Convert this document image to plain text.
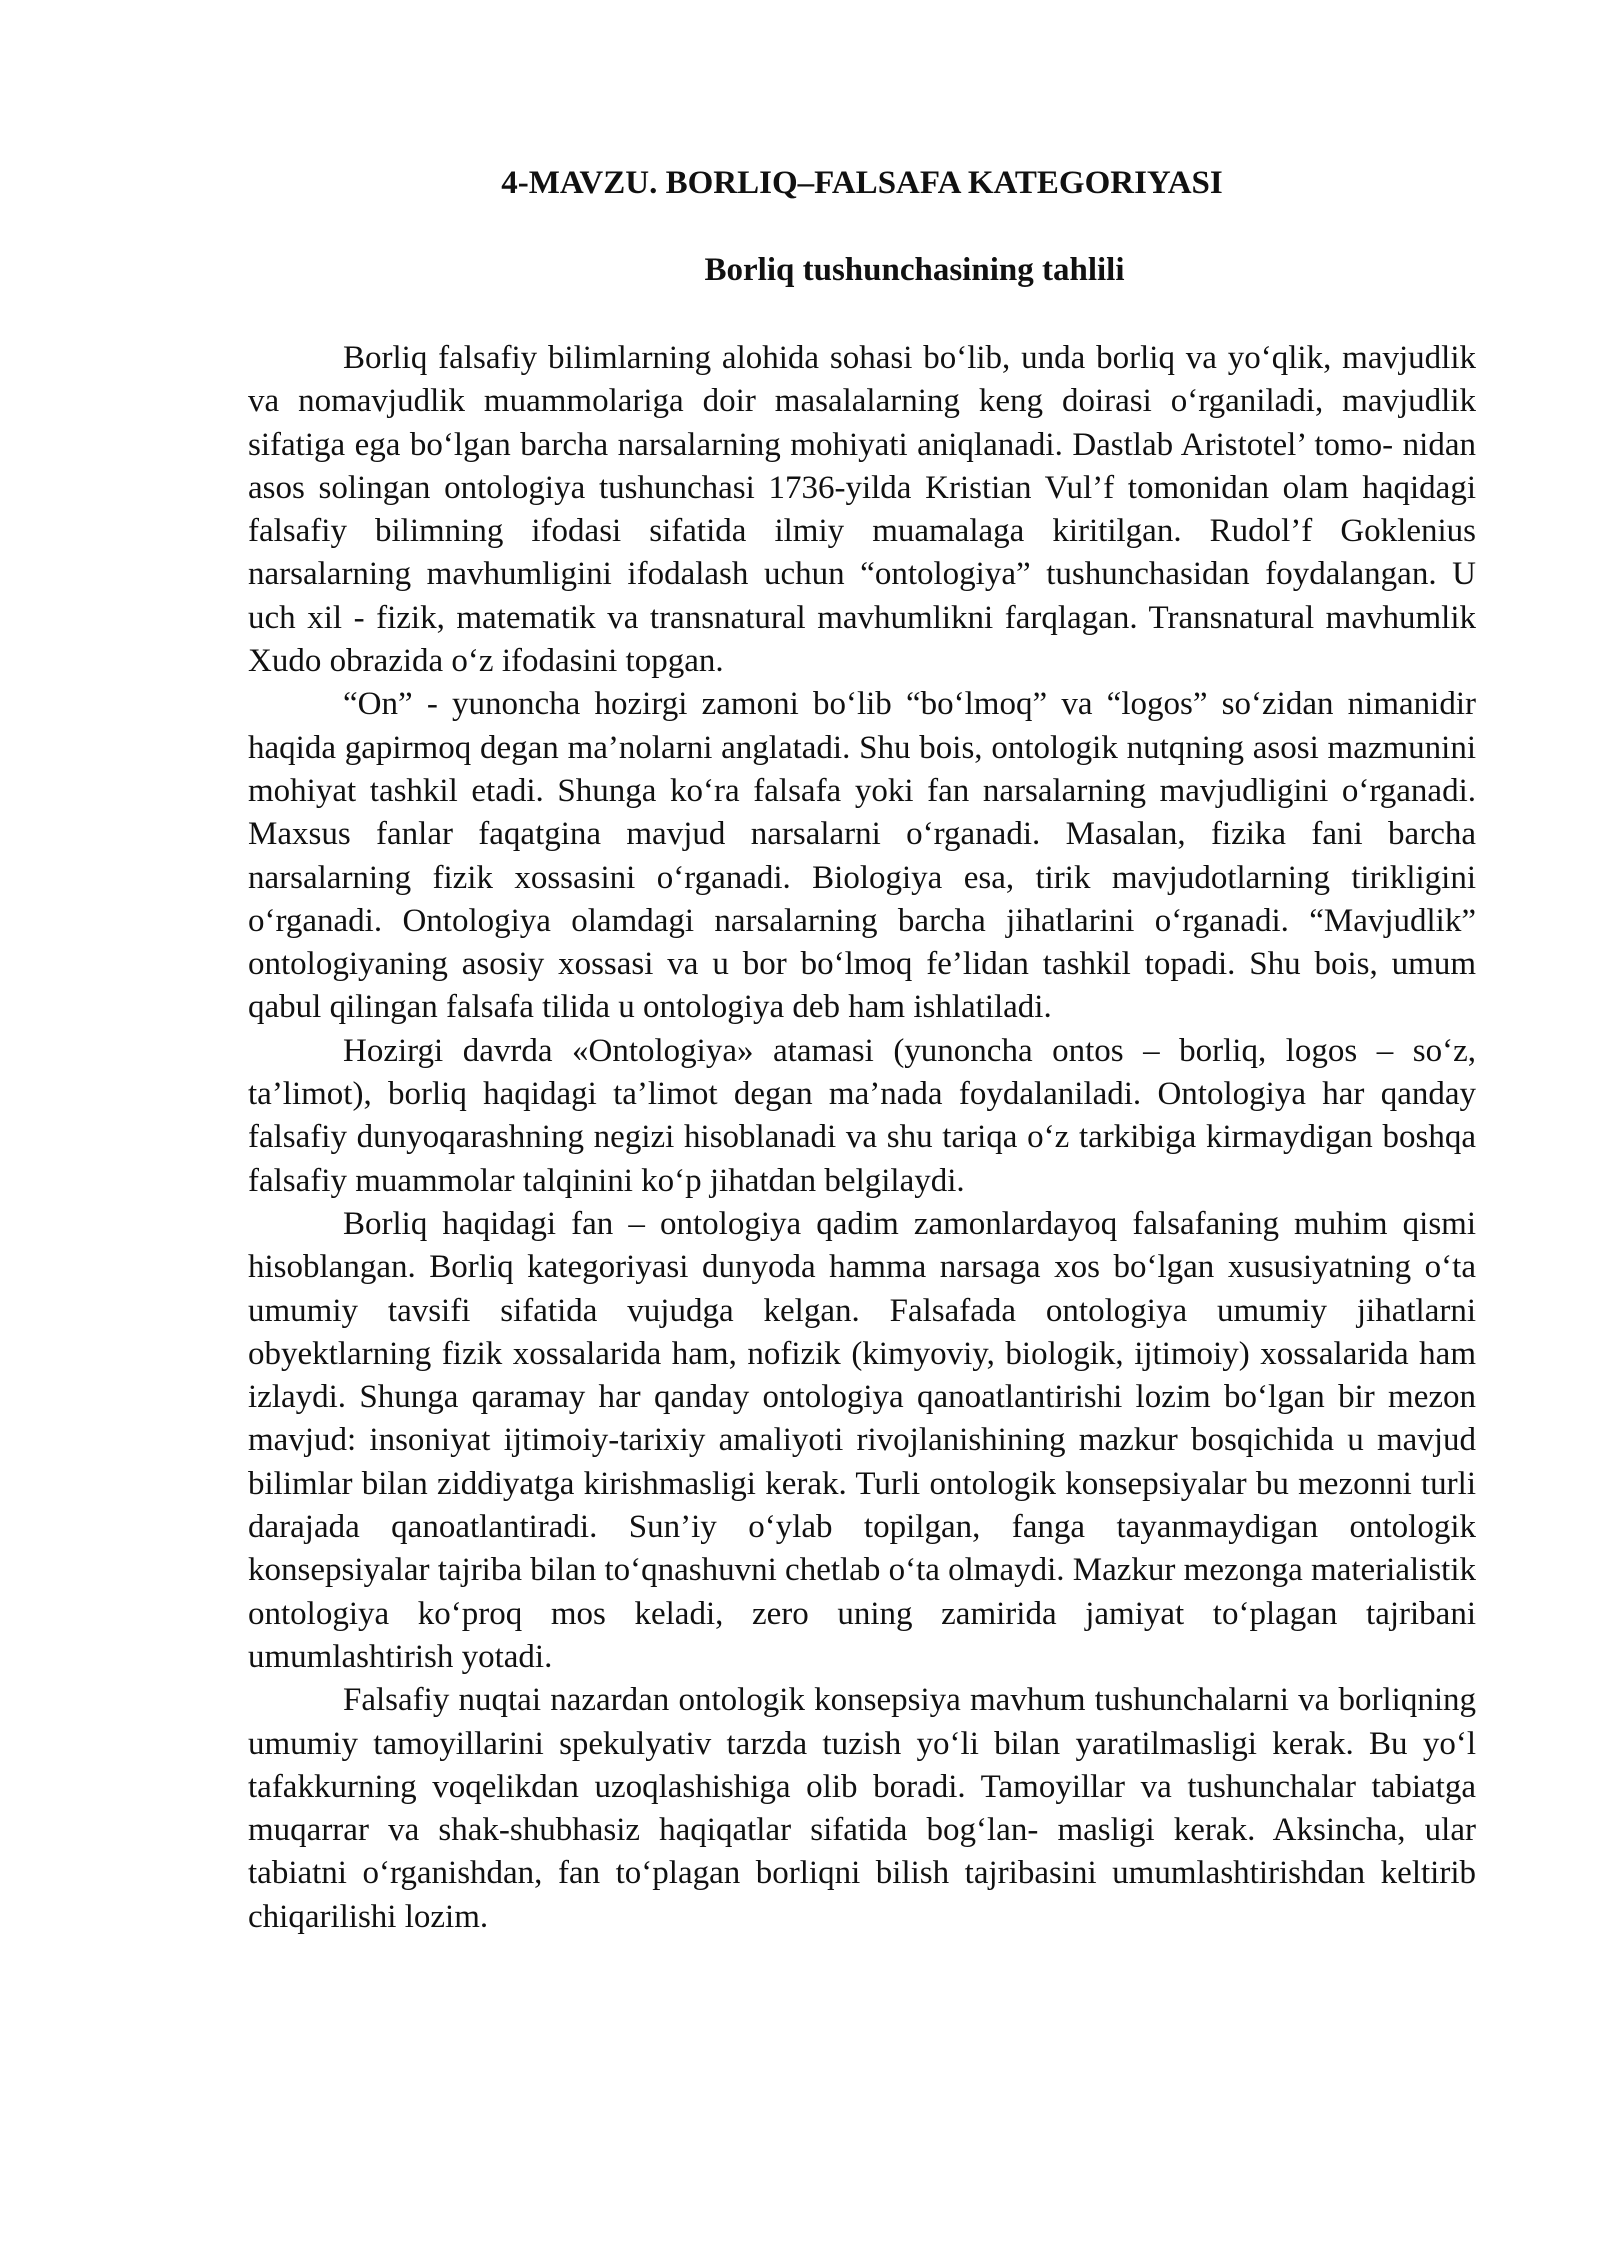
4-MAVZU. BORLIQ–FALSAFA KATEGORIYASI
Borliq tushunchasining tahlili

Borliq falsafiy bilimlarning alohida sohasi bo‘lib, unda borliq va yo‘qlik, mavjudlik va nomavjudlik muammolariga doir masalalarning keng doirasi o‘rganiladi, mavjudlik sifatiga ega bo‘lgan barcha narsalarning mohiyati aniqlanadi. Dastlab Aristotel’ tomo- nidan asos solingan ontologiya tushunchasi 1736-yilda Kristian Vul’f tomonidan olam haqidagi falsafiy bilimning ifodasi sifatida ilmiy muamalaga kiritilgan. Rudol’f Goklenius narsalarning mavhumligini ifodalash uchun “ontologiya” tushunchasidan foydalangan. U uch xil - fizik, matematik va transnatural mavhumlikni farqlagan. Transnatural mavhumlik Xudo obrazida o‘z ifodasini topgan.

“On” - yunoncha hozirgi zamoni bo‘lib “bo‘lmoq” va “logos” so‘zidan nimanidir haqida gapirmoq degan ma’nolarni anglatadi. Shu bois, ontologik nutqning asosi mazmunini mohiyat tashkil etadi. Shunga ko‘ra falsafa yoki fan narsalarning mavjudligini o‘rganadi. Maxsus fanlar faqatgina mavjud narsalarni o‘rganadi. Masalan, fizika fani barcha narsalarning fizik xossasini o‘rganadi. Biologiya esa, tirik mavjudotlarning tirikligini o‘rganadi. Ontologiya olamdagi narsalarning barcha jihatlarini o‘rganadi. “Mavjudlik” ontologiyaning asosiy xossasi va u bor bo‘lmoq fe’lidan tashkil topadi. Shu bois, umum qabul qilingan falsafa tilida u ontologiya deb ham ishlatiladi.

Hozirgi davrda «Ontologiya» atamasi (yunoncha ontos – borliq, logos – so‘z, ta’limot), borliq haqidagi ta’limot degan ma’nada foydalaniladi. Ontologiya har qanday falsafiy dunyoqarashning negizi hisoblanadi va shu tariqa o‘z tarkibiga kirmaydigan boshqa falsafiy muammolar talqinini ko‘p jihatdan belgilaydi.

Borliq haqidagi fan – ontologiya qadim zamonlardayoq falsafaning muhim qismi hisoblangan. Borliq kategoriyasi dunyoda hamma narsaga xos bo‘lgan xususiyatning o‘ta umumiy tavsifi sifatida vujudga kelgan. Falsafada ontologiya umumiy jihatlarni obyektlarning fizik xossalarida ham, nofizik (kimyoviy, biologik, ijtimoiy) xossalarida ham izlaydi. Shunga qaramay har qanday ontologiya qanoatlantirishi lozim bo‘lgan bir mezon mavjud: insoniyat ijtimoiy-tarixiy amaliyoti rivojlanishining mazkur bosqichida u mavjud bilimlar bilan ziddiyatga kirishmasligi kerak. Turli ontologik konsepsiyalar bu mezonni turli darajada qanoatlantiradi. Sun’iy o‘ylab topilgan, fanga tayanmaydigan ontologik konsepsiyalar tajriba bilan to‘qnashuvni chetlab o‘ta olmaydi. Mazkur mezonga materialistik ontologiya ko‘proq mos keladi, zero uning zamirida jamiyat to‘plagan tajribani umumlashtirish yotadi.

Falsafiy nuqtai nazardan ontologik konsepsiya mavhum tushunchalarni va borliqning umumiy tamoyillarini spekulyativ tarzda tuzish yo‘li bilan yaratilmasligi kerak. Bu yo‘l tafakkurning voqelikdan uzoqlashishiga olib boradi. Tamoyillar va tushunchalar tabiatga muqarrar va shak-shubhasiz haqiqatlar sifatida bog‘lan- masligi kerak. Aksincha, ular tabiatni o‘rganishdan, fan to‘plagan borliqni bilish tajribasini umumlashtirishdan keltirib chiqarilishi lozim.
